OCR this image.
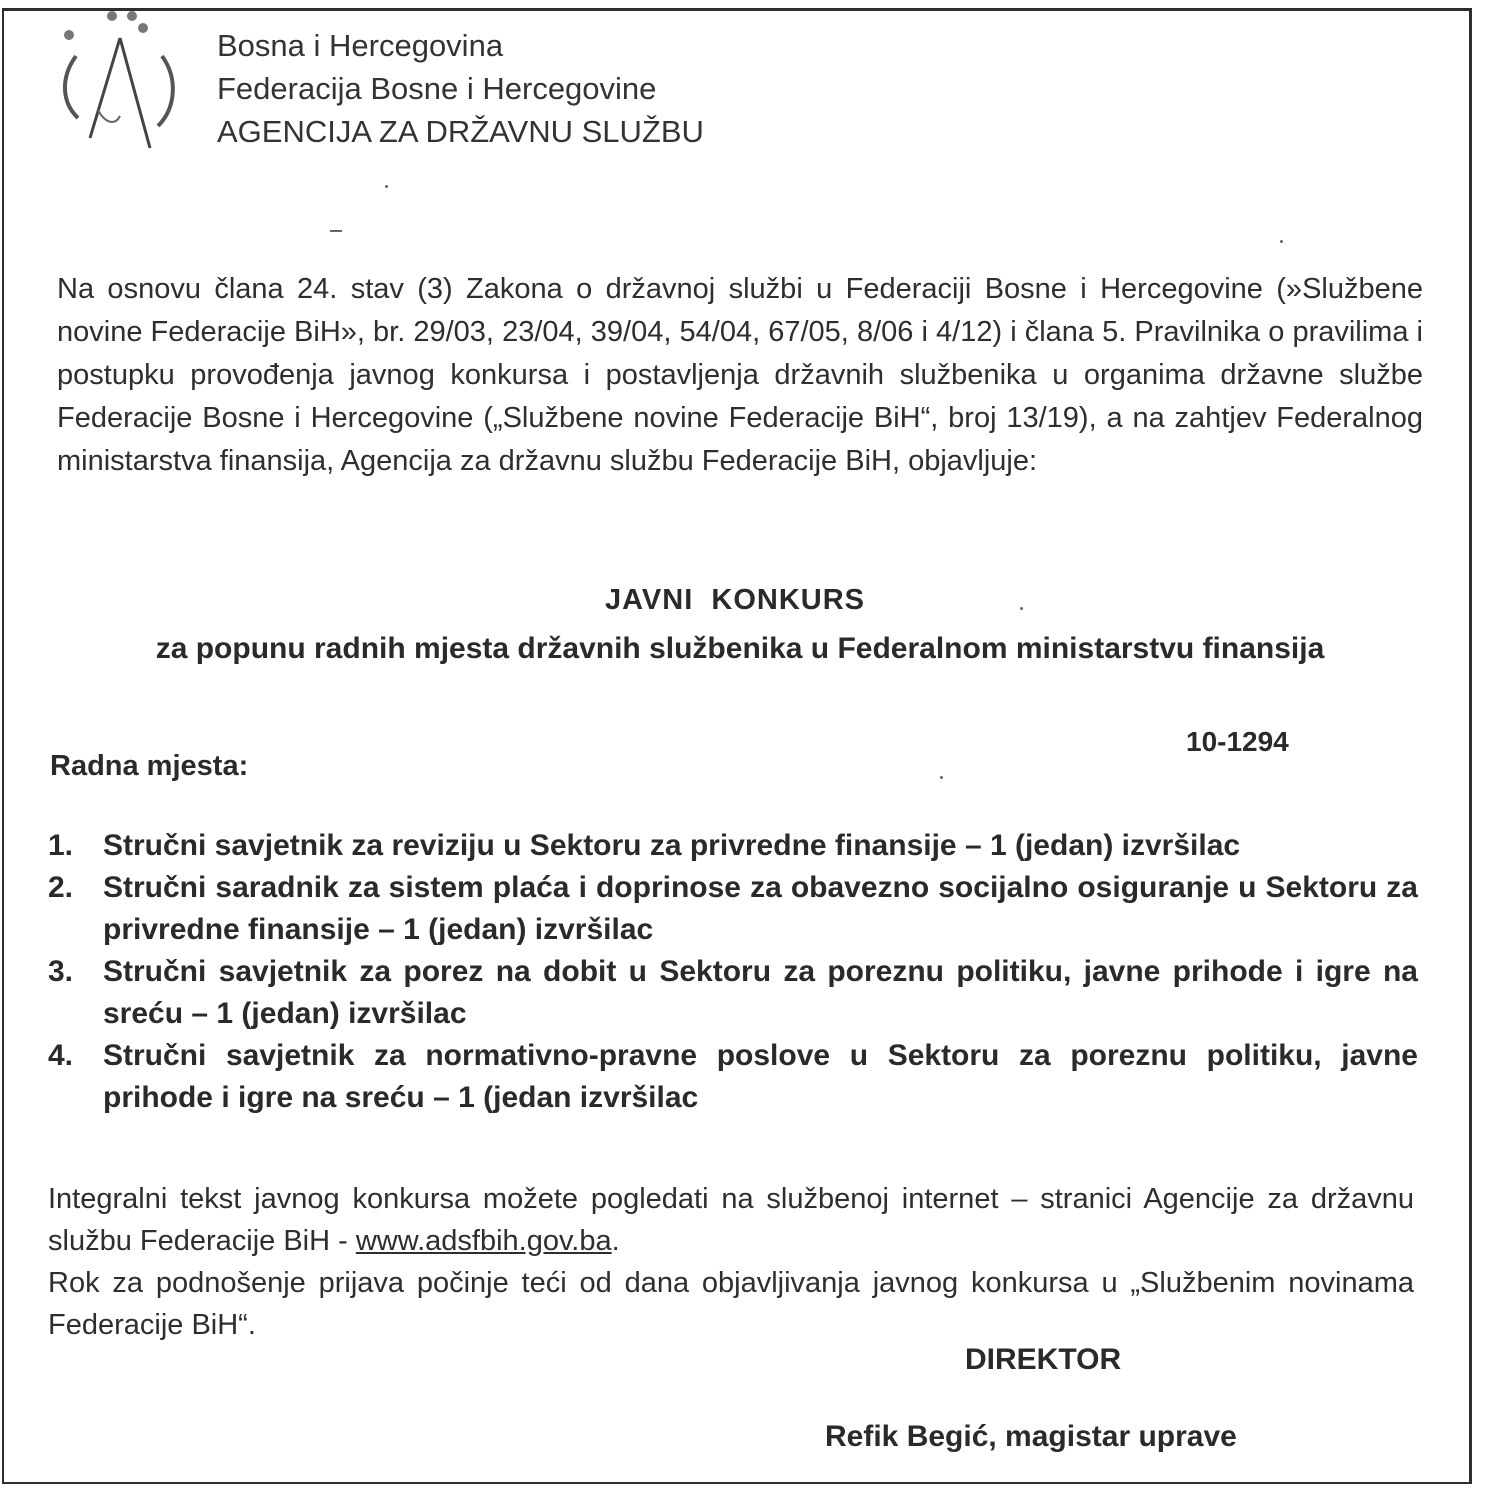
Bosna i Hercegovina
Federacija Bosne i Hercegovine
AGENCIJA ZA DRŽAVNU SLUŽBU
Na osnovu člana 24. stav (3) Zakona o državnoj službi u Federaciji Bosne i Hercegovine (»Službene novine Federacije BiH», br. 29/03, 23/04, 39/04, 54/04, 67/05, 8/06 i 4/12) i člana 5. Pravilnika o pravilima i postupku provođenja javnog konkursa i postavljenja državnih službenika u organima državne službe Federacije Bosne i Hercegovine („Službene novine Federacije BiH“, broj 13/19), a na zahtjev Federalnog ministarstva finansija, Agencija za državnu službu Federacije BiH, objavljuje:
JAVNI  KONKURS
za popunu radnih mjesta državnih službenika u Federalnom ministarstvu finansija
10-1294
Radna mjesta:
1. Stručni savjetnik za reviziju u Sektoru za privredne finansije – 1 (jedan) izvršilac
2. Stručni saradnik za sistem plaća i doprinose za obavezno socijalno osiguranje u Sektoru za privredne finansije – 1 (jedan) izvršilac
3. Stručni savjetnik za porez na dobit u Sektoru za poreznu politiku, javne prihode i igre na sreću – 1 (jedan) izvršilac
4. Stručni savjetnik za normativno-pravne poslove u Sektoru za poreznu politiku, javne prihode i igre na sreću – 1 (jedan izvršilac
Integralni tekst javnog konkursa možete pogledati na službenoj internet – stranici Agencije za državnu službu Federacije BiH - www.adsfbih.gov.ba.
Rok za podnošenje prijava počinje teći od dana objavljivanja javnog konkursa u „Službenim novinama Federacije BiH“.
DIREKTOR
Refik Begić, magistar uprave
